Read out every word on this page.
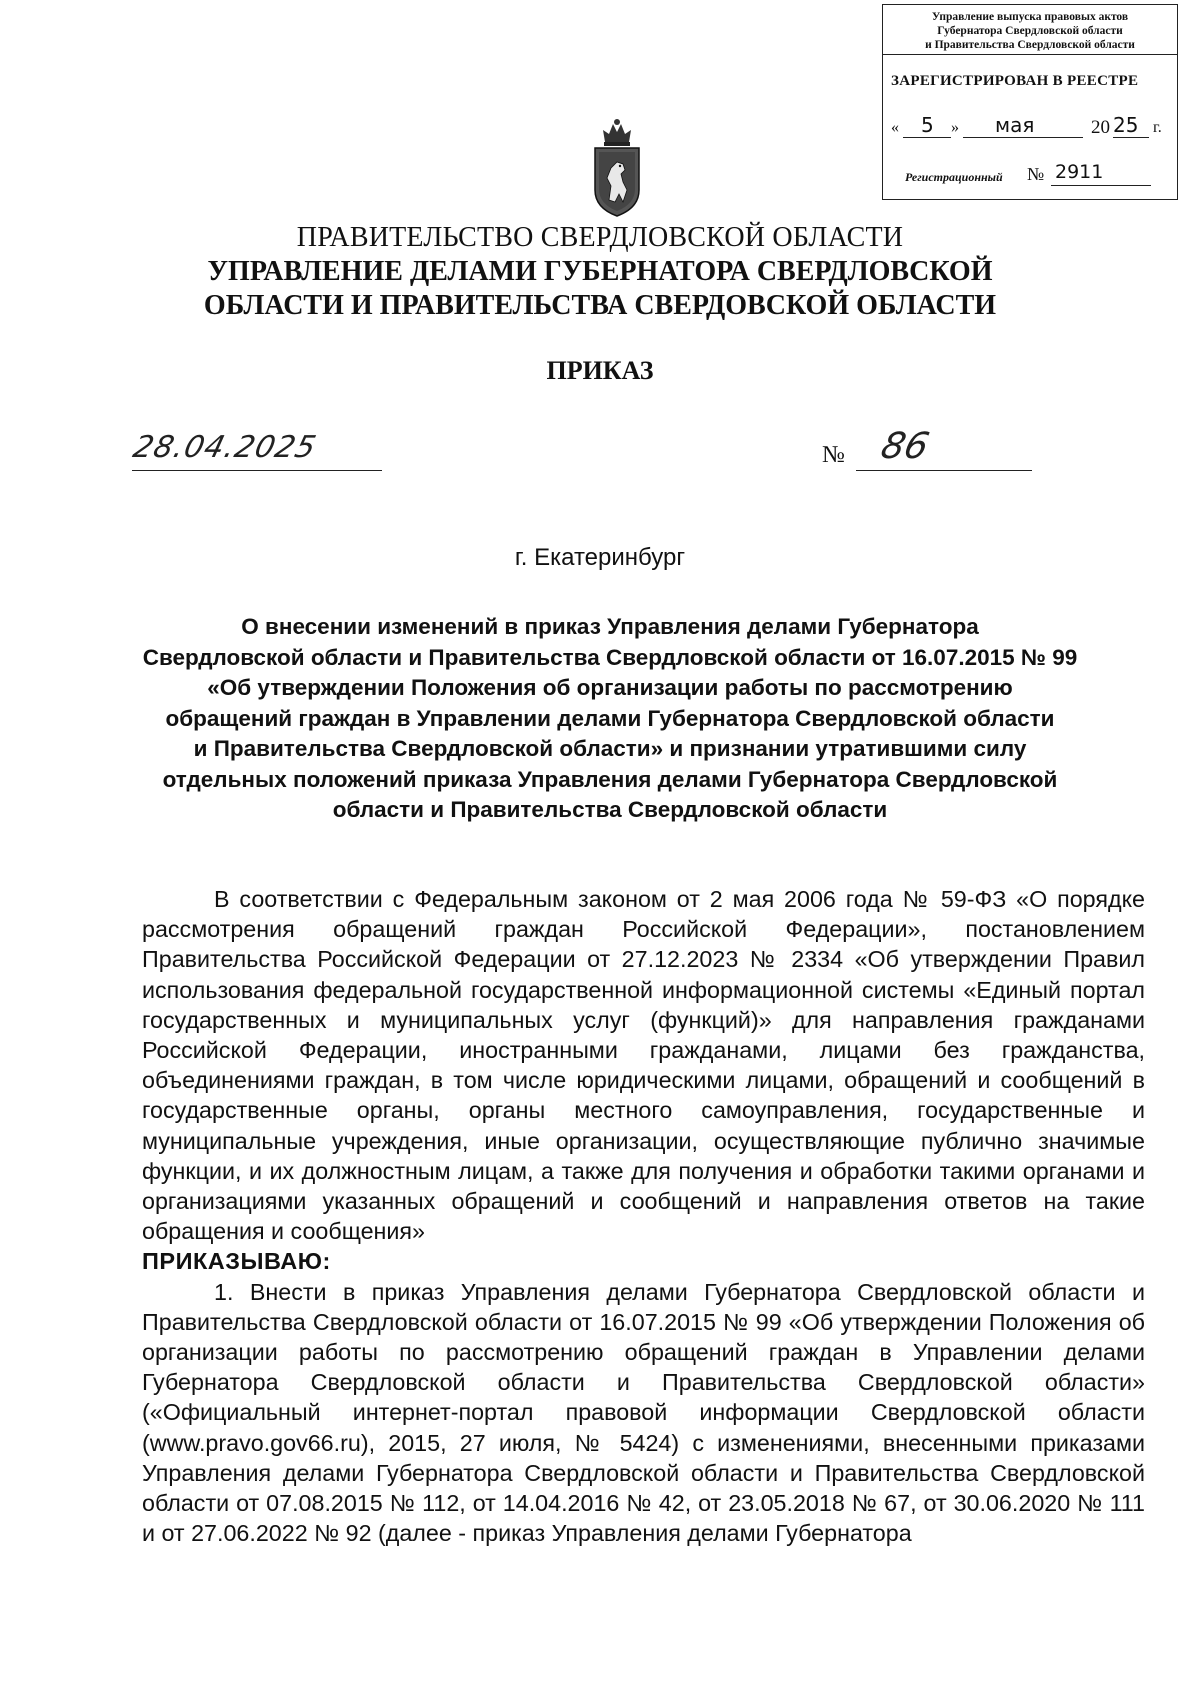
Управление выпуска правовых актов
Губернатора Свердловской области
и Правительства Свердловской области
ЗАРЕГИСТРИРОВАН В РЕЕСТРЕ
« 5 » мая	20 25 г.
Регистрационный № 2911
ПРАВИТЕЛЬСТВО СВЕРДЛОВСКОЙ ОБЛАСТИ
УПРАВЛЕНИЕ ДЕЛАМИ ГУБЕРНАТОРА СВЕРДЛОВСКОЙ
ОБЛАСТИ И ПРАВИТЕЛЬСТВА СВЕРДОВСКОЙ ОБЛАСТИ
ПРИКАЗ
28.04.2025	№ 86
г. Екатеринбург
О внесении изменений в приказ Управления делами Губернатора
Свердловской области и Правительства Свердловской области от 16.07.2015 № 99
«Об утверждении Положения об организации работы по рассмотрению
обращений граждан в Управлении делами Губернатора Свердловской области
и Правительства Свердловской области» и признании утратившими силу
отдельных положений приказа Управления делами Губернатора Свердловской
области и Правительства Свердловской области

В соответствии с Федеральным законом от 2 мая 2006 года № 59-ФЗ «О порядке рассмотрения обращений граждан Российской Федерации», постановлением Правительства Российской Федерации от 27.12.2023 № 2334 «Об утверждении Правил использования федеральной государственной информационной системы «Единый портал государственных и муниципальных услуг (функций)» для направления гражданами Российской Федерации, иностранными гражданами, лицами без гражданства, объединениями граждан, в том числе юридическими лицами, обращений и сообщений в государственные органы, органы местного самоуправления, государственные и муниципальные учреждения, иные организации, осуществляющие публично значимые функции, и их должностным лицам, а также для получения и обработки такими органами и организациями указанных обращений и сообщений и направления ответов на такие обращения и сообщения»

ПРИКАЗЫВАЮ:

1. Внести в приказ Управления делами Губернатора Свердловской области и Правительства Свердловской области от 16.07.2015 № 99 «Об утверждении Положения об организации работы по рассмотрению обращений граждан в Управлении делами Губернатора Свердловской области и Правительства Свердловской области» («Официальный интернет-портал правовой информации Свердловской области (www.pravo.gov66.ru), 2015, 27 июля, № 5424) с изменениями, внесенными приказами Управления делами Губернатора Свердловской области и Правительства Свердловской области от 07.08.2015 № 112, от 14.04.2016 № 42, от 23.05.2018 № 67, от 30.06.2020 № 111 и от 27.06.2022 № 92 (далее - приказ Управления делами Губернатора
